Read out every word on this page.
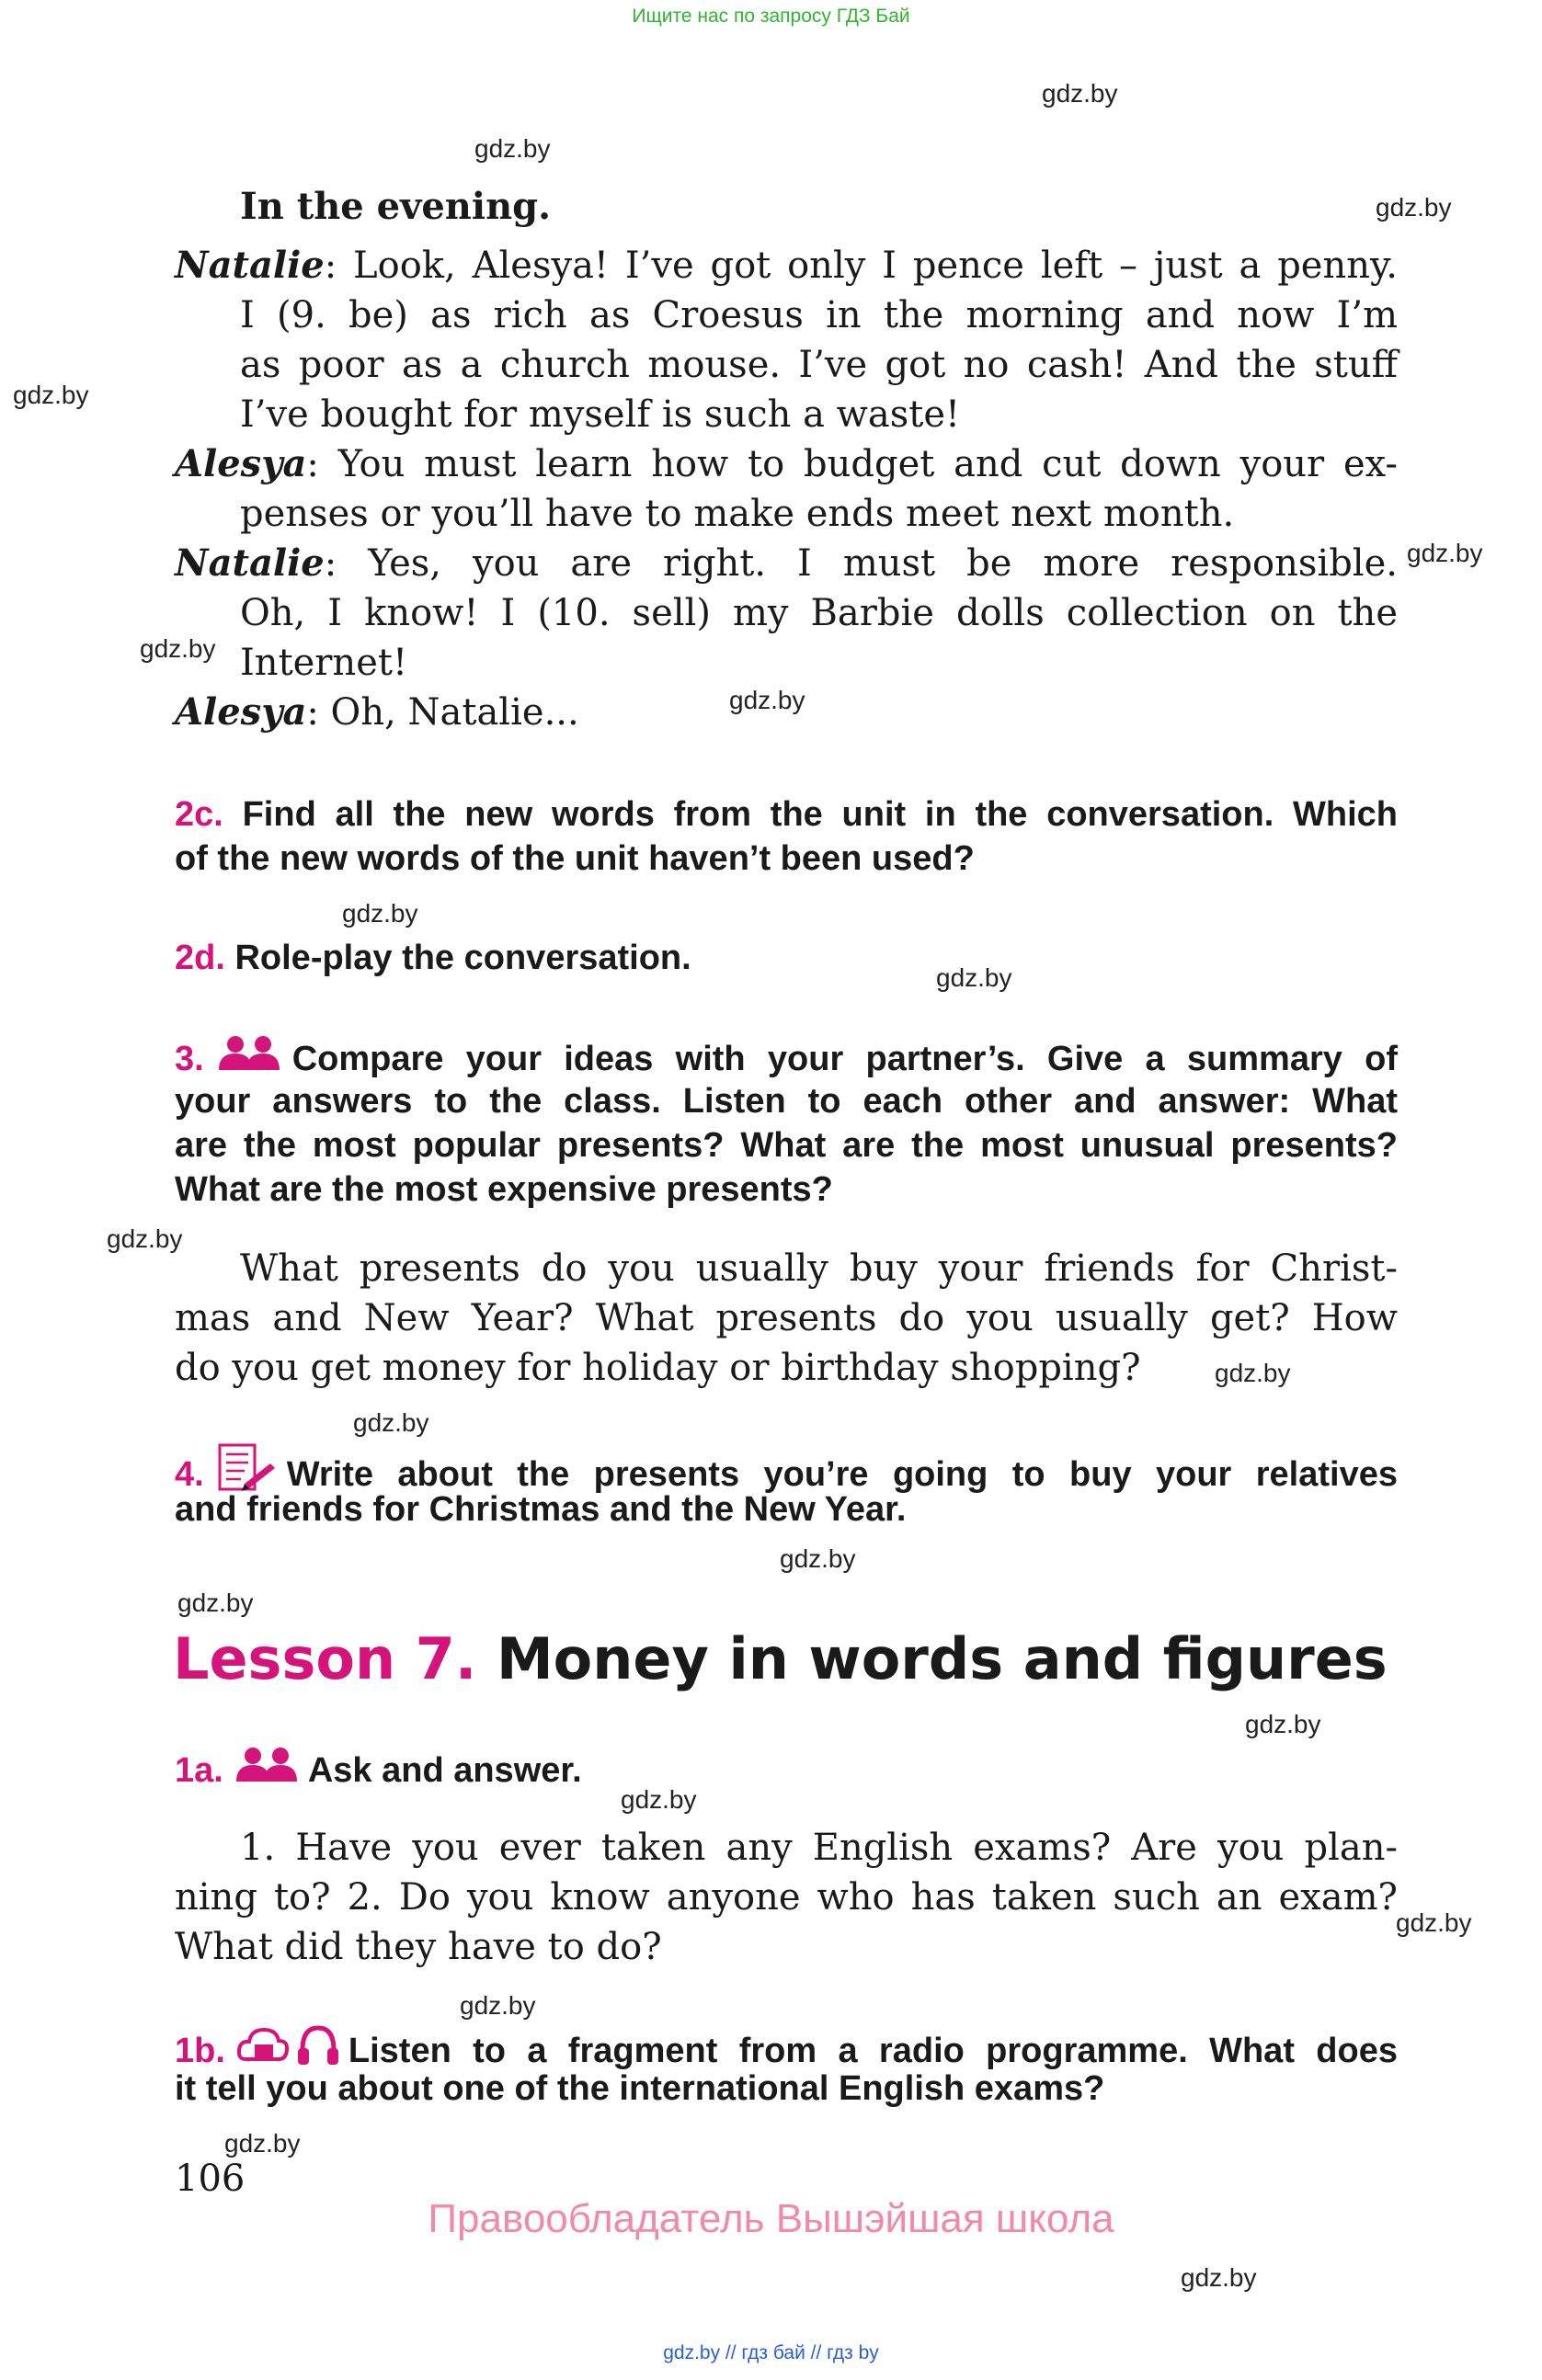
Ищите нас по запросу ГДЗ Бай
gdz.by
gdz.by
gdz.by
gdz.by
gdz.by
gdz.by
gdz.by
gdz.by
gdz.by
gdz.by
gdz.by
gdz.by
gdz.by
gdz.by
gdz.by
gdz.by
gdz.by
gdz.by
gdz.by
gdz.by
In the evening.
Natalie: Look, Alesya! I’ve got only I pence left – just a penny.
I (9. be) as rich as Croesus in the morning and now I’m
as poor as a church mouse. I’ve got no cash! And the stuff
I’ve bought for myself is such a waste!
Alesya: You must learn how to budget and cut down your ex-
penses or you’ll have to make ends meet next month.
Natalie: Yes, you are right. I must be more responsible.
Oh, I know! I (10. sell) my Barbie dolls collection on the
Internet!
Alesya: Oh, Natalie...
2c. Find all the new words from the unit in the conversation. Which
of the new words of the unit haven’t been used?
2d. Role-play the conversation.
3.	Compare your ideas with your partner’s. Give a summary of
your answers to the class. Listen to each other and answer: What
are the most popular presents? What are the most unusual presents?
What are the most expensive presents?
What presents do you usually buy your friends for Christ-
mas and New Year? What presents do you usually get? How
do you get money for holiday or birthday shopping?
4. Write about the presents you’re going to buy your relatives
and friends for Christmas and the New Year.
Lesson 7. Money in words and figures
1a. Ask and answer.
1. Have you ever taken any English exams? Are you plan-
ning to? 2. Do you know anyone who has taken such an exam?
What did they have to do?
1b.	Listen to a fragment from a radio programme. What does
it tell you about one of the international English exams?
106
Правообладатель Вышэйшая школа
gdz.by // гдз бай // гдз by
